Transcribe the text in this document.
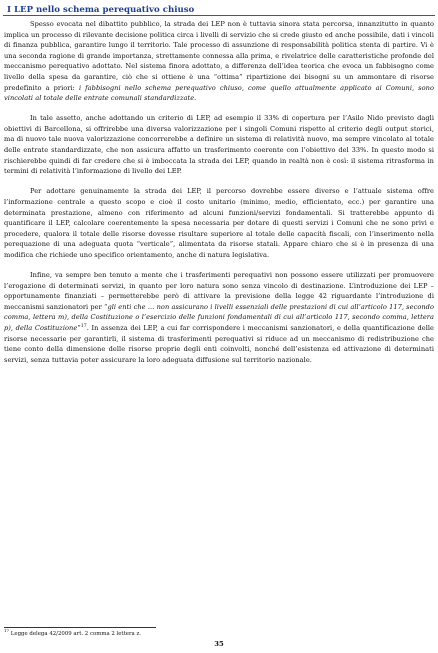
I LEP nello schema perequativo chiuso

Spesso evocata nel dibattito pubblico, la strada dei LEP non è tuttavia sinora stata percorsa, innanzitutto in quanto implica un processo di rilevante decisione politica circa i livelli di servizio che si crede giusto ed anche possibile, dati i vincoli di finanza pubblica, garantire lungo il territorio. Tale processo di assunzione di responsabilità politica stenta di partire. Vi è una seconda ragione di grande importanza, strettamente connessa alla prima, e rivelatrice delle caratteristiche profonde del meccanismo perequativo adottato. Nel sistema finora adottato, a differenza dell’idea teorica che evoca un fabbisogno come livello della spesa da garantire, ciò che si ottiene è una “ottima” ripartizione dei bisogni su un ammontare di risorse predefinito a priori: i fabbisogni nello schema perequativo chiuso, come quello attualmente applicato ai Comuni, sono vincolati al totale delle entrate comunali standardizzate.

In tale assetto, anche adottando un criterio di LEP, ad esempio il 33% di copertura per l’Asilo Nido previsto dagli obiettivi di Barcellona, si offrirebbe una diversa valorizzazione per i singoli Comuni rispetto al criterio degli output storici, ma di nuovo tale nuova valorizzazione concorrerebbe a definire un sistema di relatività nuovo, ma sempre vincolato al totale delle entrate standardizzate, che non assicura affatto un trasferimento coerente con l’obiettivo del 33%. In questo modo si rischierebbe quindi di far credere che si è imboccata la strada dei LEP, quando in realtà non è così: il sistema ritrasforma in termini di relatività l’informazione di livello dei LEP.

Per adottare genuinamente la strada dei LEP, il percorso dovrebbe essere diverso e l’attuale sistema offre l’informazione centrale a questo scopo e cioè il costo unitario (minimo, medio, efficientato, ecc.) per garantire una determinata prestazione, almeno con riferimento ad alcuni funzioni/servizi fondamentali. Si tratterebbe appunto di quantificare il LEP, calcolare coerentemente la spesa necessaria per dotare di questi servizi i Comuni che ne sono privi e procedere, qualora il totale delle risorse dovesse risultare superiore al totale delle capacità fiscali, con l’inserimento nella perequazione di una adeguata quota “verticale”, alimentata da risorse statali. Appare chiaro che si è in presenza di una modifica che richiede uno specifico orientamento, anche di natura legislativa.

Infine, va sempre ben tenuto a mente che i trasferimenti perequativi non possono essere utilizzati per promuovere l’erogazione di determinati servizi, in quanto per loro natura sono senza vincolo di destinazione. L’introduzione dei LEP – opportunamente finanziati – permetterebbe però di attivare la previsione della legge 42 riguardante l’introduzione di meccanismi sanzionatori per “gli enti che … non assicurano i livelli essenziali delle prestazioni di cui all’articolo 117, secondo comma, lettera m), della Costituzione o l’esercizio delle funzioni fondamentali di cui all’articolo 117, secondo comma, lettera p), della Costituzione”$^{17}$. In assenza dei LEP, a cui far corrispondere i meccanismi sanzionatori, e della quantificazione delle risorse necessarie per garantirli, il sistema di trasferimenti perequativi si riduce ad un meccanismo di redistribuzione che tiene conto della dimensione delle risorse proprie degli enti coinvolti, nonché dell’esistenza ed attivazione di determinati servizi, senza tuttavia poter assicurare la loro adeguata diffusione sul territorio nazionale.

$^{17}$ Legge delega 42/2009 art. 2 comma 2 lettera z.
35
